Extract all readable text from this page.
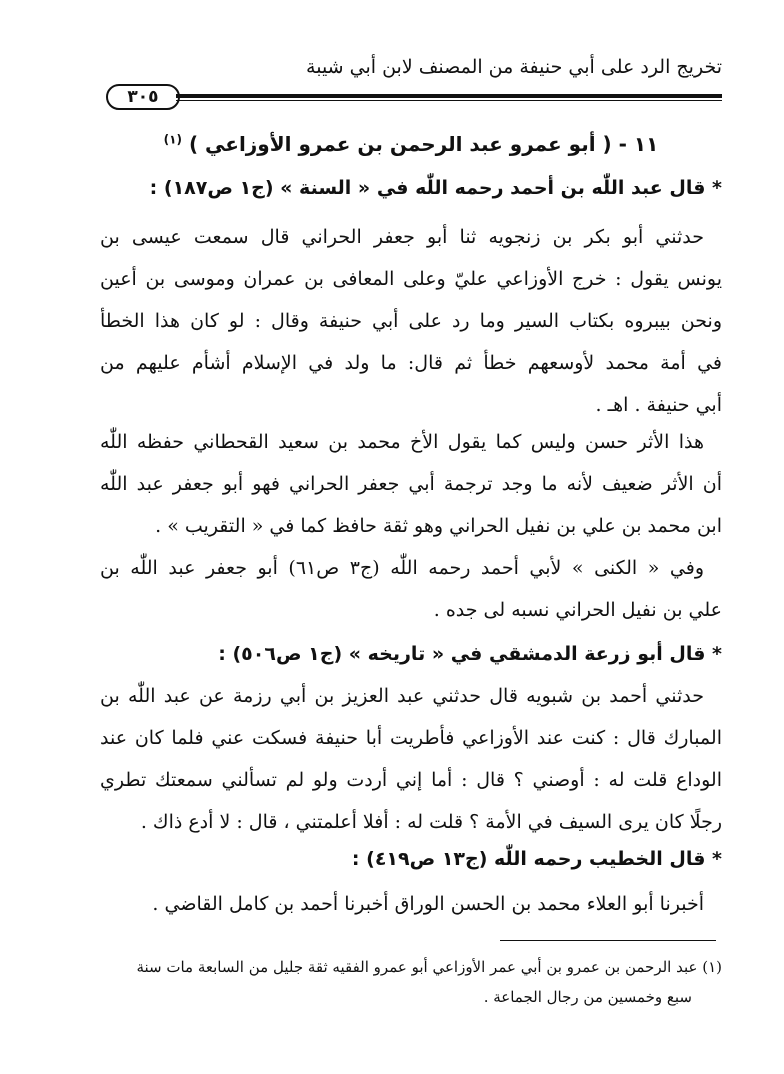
تخريج الرد على أبي حنيفة من المصنف لابن أبي شيبة
٣٠٥
١١ - ( أبو عمرو عبد الرحمن بن عمرو الأوزاعي ) $^{(١)}$
* قال عبد اللّٰه بن أحمد رحمه اللّٰه في « السنة » (ج١ ص١٨٧) :
حدثني أبو بكر بن زنجويه ثنا أبو جعفر الحراني قال سمعت عيسى بن
يونس يقول : خرج الأوزاعي عليّ وعلى المعافى بن عمران وموسى بن أعين
ونحن بيبروه بكتاب السير وما رد على أبي حنيفة وقال : لو كان هذا الخطأ
في أمة محمد لأوسعهم خطأ ثم قال: ما ولد في الإسلام أشأم عليهم من
أبي حنيفة . اهـ .
هذا الأثر حسن وليس كما يقول الأخ محمد بن سعيد القحطاني حفظه اللّٰه
أن الأثر ضعيف لأنه ما وجد ترجمة أبي جعفر الحراني فهو أبو جعفر عبد اللّٰه
ابن محمد بن علي بن نفيل الحراني وهو ثقة حافظ كما في « التقريب » .
وفي « الكنى » لأبي أحمد رحمه اللّٰه (ج٣ ص٦١) أبو جعفر عبد اللّٰه بن
علي بن نفيل الحراني نسبه لى جده .
* قال أبو زرعة الدمشقي في « تاريخه » (ج١ ص٥٠٦) :
حدثني أحمد بن شبويه قال حدثني عبد العزيز بن أبي رزمة عن عبد اللّٰه بن
المبارك قال : كنت عند الأوزاعي فأطريت أبا حنيفة فسكت عني فلما كان عند
الوداع قلت له : أوصني ؟ قال : أما إني أردت ولو لم تسألني سمعتك تطري
رجلًا كان يرى السيف في الأمة ؟ قلت له : أفلا أعلمتني ، قال : لا أدع ذاك .
* قال الخطيب رحمه اللّٰه (ج١٣ ص٤١٩) :
أخبرنا أبو العلاء محمد بن الحسن الوراق أخبرنا أحمد بن كامل القاضي .
(١) عبد الرحمن بن عمرو بن أبي عمر الأوزاعي أبو عمرو الفقيه ثقة جليل من السابعة مات سنة
سبع وخمسين من رجال الجماعة .
